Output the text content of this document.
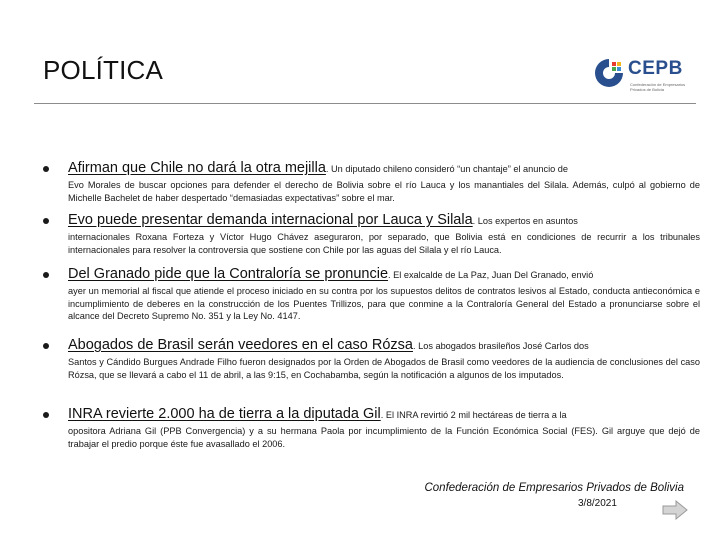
POLÍTICA	CEPB
Confederación de Empresarios
Privados de Bolivia
Afirman que Chile no dará la otra mejilla. Un diputado chileno consideró “un chantaje” el anuncio de
Evo Morales de buscar opciones para defender el derecho de Bolivia sobre el río Lauca y los manantiales del Silala. Además, culpó al gobierno de Michelle Bachelet de haber despertado “demasiadas expectativas” sobre el mar.
Evo puede presentar demanda internacional por Lauca y Silala. Los expertos en asuntos
internacionales Roxana Forteza y Víctor Hugo Chávez aseguraron, por separado, que Bolivia está en condiciones de recurrir a los tribunales internacionales para resolver la controversia que sostiene con Chile por las aguas del Silala y el río Lauca.
Del Granado pide que la Contraloría se pronuncie. El exalcalde de La Paz, Juan Del Granado, envió
ayer un memorial al fiscal que atiende el proceso iniciado en su contra por los supuestos delitos de contratos lesivos al Estado, conducta antieconómica e incumplimiento de deberes en la construcción de los Puentes Trillizos, para que conmine a la Contraloría General del Estado a pronunciarse sobre el alcance del Decreto Supremo No. 351 y la Ley No. 4147.
Abogados de Brasil serán veedores en el caso Rózsa. Los abogados brasileños José Carlos dos
Santos y Cándido Burgues Andrade Filho fueron designados por la Orden de Abogados de Brasil como veedores de la audiencia de conclusiones del caso Rózsa, que se llevará a cabo el 11 de abril, a las 9:15, en Cochabamba, según la notificación a algunos de los imputados.
INRA revierte 2.000 ha de tierra a la diputada Gil. El INRA revirtió 2 mil hectáreas de tierra a la
opositora Adriana Gil (PPB Convergencia) y a su hermana Paola por incumplimiento de la Función Económica Social (FES). Gil arguye que dejó de trabajar el predio porque éste fue avasallado el 2006.
Confederación de Empresarios Privados de Bolivia
3/8/2021
